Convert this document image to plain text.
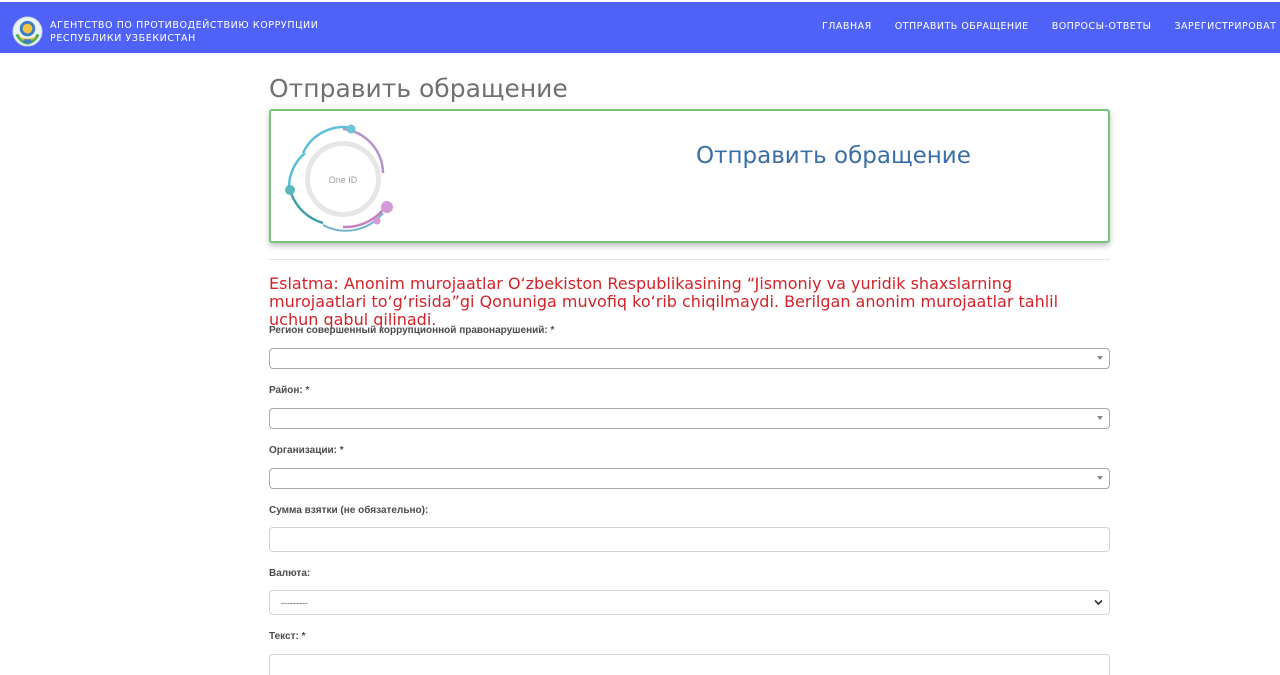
АГЕНТСТВО ПО ПРОТИВОДЕЙСТВИЮ КОРРУПЦИИ
РЕСПУБЛИКИ УЗБЕКИСТАН
ГЛАВНАЯ ОТПРАВИТЬ ОБРАЩЕНИЕ ВОПРОСЫ-ОТВЕТЫ ЗАРЕГИСТРИРОВАТ
Отправить обращение
One ID
Отправить обращение
Eslatma: Anonim murojaatlar O‘zbekiston Respublikasining “Jismoniy va yuridik shaxslarning murojaatlari to‘g‘risida”gi Qonuniga muvofiq ko‘rib chiqilmaydi. Berilgan anonim murojaatlar tahlil uchun qabul qilinadi.
Регион совершенный коррупционной правонарушений: *
Район: *
Организации: *
Сумма взятки (не обязательно):
Валюта:
---------
Текст: *
